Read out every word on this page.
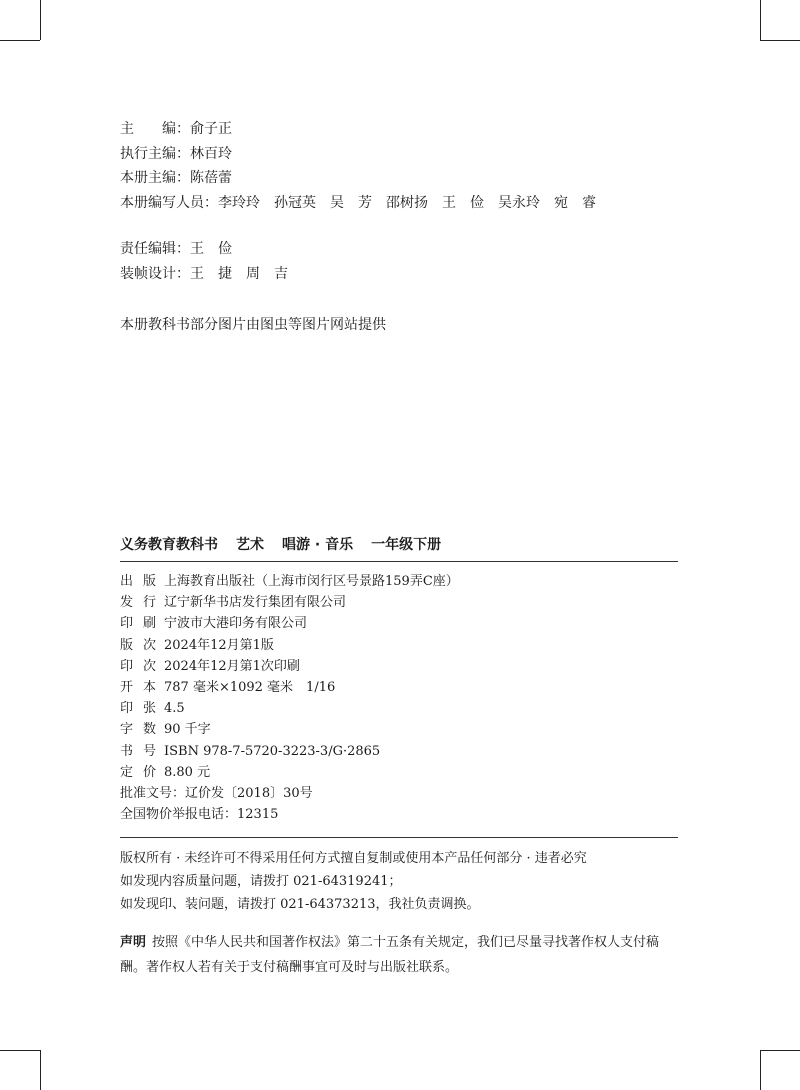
主　　编：俞子正
执行主编：林百玲
本册主编：陈蓓蕾
本册编写人员：李玲玲　孙冠英　吴　芳　邵树扬　王　俭　吴永玲　宛　睿
责任编辑：王　俭
装帧设计：王　捷　周　吉
本册教科书部分图片由图虫等图片网站提供
义务教育教科书 艺术 唱游 · 音乐 一年级下册
出版上海教育出版社（上海市闵行区号景路159弄C座）
发行辽宁新华书店发行集团有限公司
印刷宁波市大港印务有限公司
版次2024年12月第1版
印次2024年12月第1次印刷
开本787 毫米×1092 毫米　1/16
印张4.5
字数90 千字
书号ISBN 978-7-5720-3223-3/G·2865
定价8.80 元
批准文号：辽价发〔2018〕30号
全国物价举报电话：12315
版权所有 · 未经许可不得采用任何方式擅自复制或使用本产品任何部分 · 违者必究
如发现内容质量问题，请拨打 021-64319241；
如发现印、装问题，请拨打 021-64373213，我社负责调换。
声明 按照《中华人民共和国著作权法》第二十五条有关规定，我们已尽量寻找著作权人支付稿酬。著作权人若有关于支付稿酬事宜可及时与出版社联系。
